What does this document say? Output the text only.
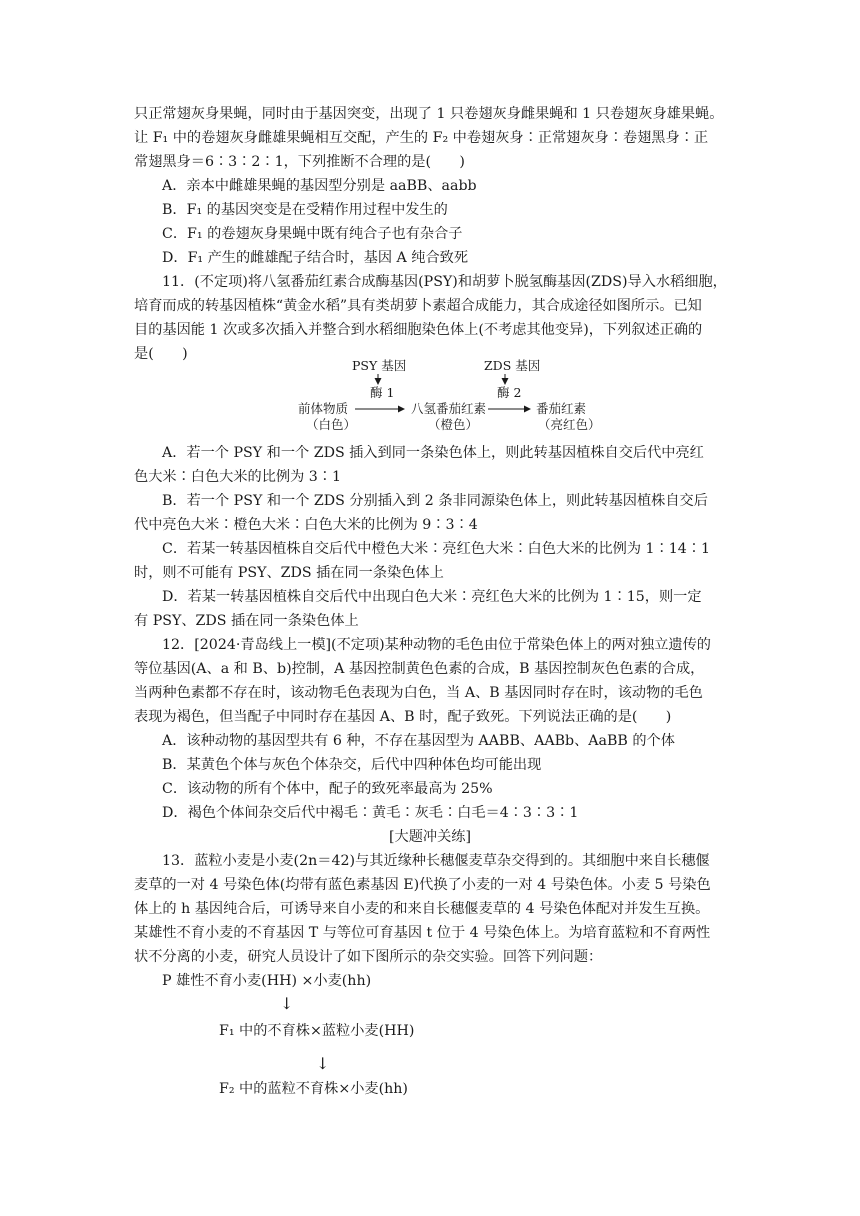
只正常翅灰身果蝇，同时由于基因突变，出现了 1 只卷翅灰身雌果蝇和 1 只卷翅灰身雄果蝇。
让 F₁ 中的卷翅灰身雌雄果蝇相互交配，产生的 F₂ 中卷翅灰身∶正常翅灰身∶卷翅黑身∶正
常翅黑身＝6∶3∶2∶1，下列推断不合理的是(　　)
A．亲本中雌雄果蝇的基因型分别是 aaBB、aabb
B．F₁ 的基因突变是在受精作用过程中发生的
C．F₁ 的卷翅灰身果蝇中既有纯合子也有杂合子
D．F₁ 产生的雌雄配子结合时，基因 A 纯合致死
11．(不定项)将八氢番茄红素合成酶基因(PSY)和胡萝卜脱氢酶基因(ZDS)导入水稻细胞，
培育而成的转基因植株“黄金水稻”具有类胡萝卜素超合成能力，其合成途径如图所示。已知
目的基因能 1 次或多次插入并整合到水稻细胞染色体上(不考虑其他变异)，下列叙述正确的
是(　　)
PSY 基因	ZDS 基因
酶 1	酶 2
前体物质
（白色）
八氢番茄红素
（橙色）
番茄红素
（亮红色）
A．若一个 PSY 和一个 ZDS 插入到同一条染色体上，则此转基因植株自交后代中亮红
色大米∶白色大米的比例为 3∶1
B．若一个 PSY 和一个 ZDS 分别插入到 2 条非同源染色体上，则此转基因植株自交后
代中亮色大米∶橙色大米∶白色大米的比例为 9∶3∶4
C．若某一转基因植株自交后代中橙色大米∶亮红色大米∶白色大米的比例为 1∶14∶1
时，则不可能有 PSY、ZDS 插在同一条染色体上
D．若某一转基因植株自交后代中出现白色大米∶亮红色大米的比例为 1∶15，则一定
有 PSY、ZDS 插在同一条染色体上
12．[2024·青岛线上一模](不定项)某种动物的毛色由位于常染色体上的两对独立遗传的
等位基因(A、a 和 B、b)控制，A 基因控制黄色色素的合成，B 基因控制灰色色素的合成，
当两种色素都不存在时，该动物毛色表现为白色，当 A、B 基因同时存在时，该动物的毛色
表现为褐色，但当配子中同时存在基因 A、B 时，配子致死。下列说法正确的是(　　)
A．该种动物的基因型共有 6 种，不存在基因型为 AABB、AABb、AaBB 的个体
B．某黄色个体与灰色个体杂交，后代中四种体色均可能出现
C．该动物的所有个体中，配子的致死率最高为 25%
D．褐色个体间杂交后代中褐毛∶黄毛∶灰毛∶白毛＝4∶3∶3∶1
[大题冲关练]
13．蓝粒小麦是小麦(2n＝42)与其近缘种长穗偃麦草杂交得到的。其细胞中来自长穗偃
麦草的一对 4 号染色体(均带有蓝色素基因 E)代换了小麦的一对 4 号染色体。小麦 5 号染色
体上的 h 基因纯合后，可诱导来自小麦的和来自长穗偃麦草的 4 号染色体配对并发生互换。
某雄性不育小麦的不育基因 T 与等位可育基因 t 位于 4 号染色体上。为培育蓝粒和不育两性
状不分离的小麦，研究人员设计了如下图所示的杂交实验。回答下列问题：
P 雄性不育小麦(HH) ×小麦(hh)
↓
F₁ 中的不育株×蓝粒小麦(HH)
↓
F₂ 中的蓝粒不育株×小麦(hh)
